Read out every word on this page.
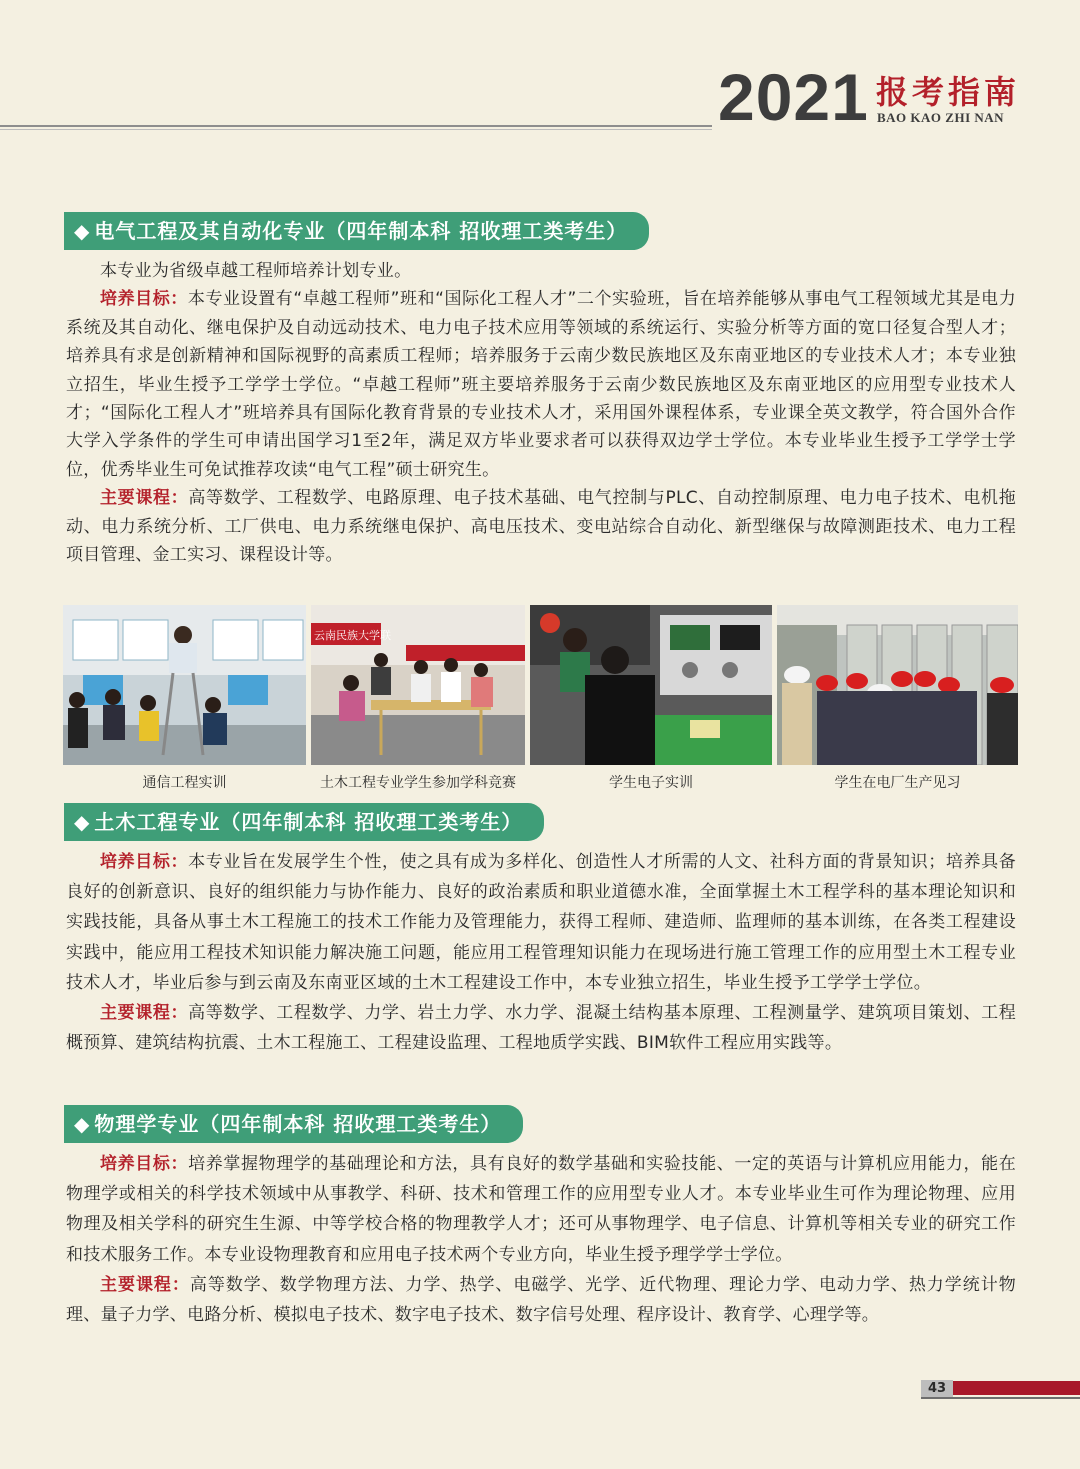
2021 报考指南
BAO KAO ZHI NAN
◆ 电气工程及其自动化专业（四年制本科 招收理工类考生）

本专业为省级卓越工程师培养计划专业。

培养目标：本专业设置有“卓越工程师”班和“国际化工程人才”二个实验班，旨在培养能够从事电气工程领域尤其是电力系统及其自动化、继电保护及自动远动技术、电力电子技术应用等领域的系统运行、实验分析等方面的宽口径复合型人才；培养具有求是创新精神和国际视野的高素质工程师；培养服务于云南少数民族地区及东南亚地区的专业技术人才；本专业独立招生，毕业生授予工学学士学位。“卓越工程师”班主要培养服务于云南少数民族地区及东南亚地区的应用型专业技术人才；“国际化工程人才”班培养具有国际化教育背景的专业技术人才，采用国外课程体系，专业课全英文教学，符合国外合作大学入学条件的学生可申请出国学习1至2年，满足双方毕业要求者可以获得双边学士学位。本专业毕业生授予工学学士学位，优秀毕业生可免试推荐攻读“电气工程”硕士研究生。

主要课程：高等数学、工程数学、电路原理、电子技术基础、电气控制与PLC、自动控制原理、电力电子技术、电机拖动、电力系统分析、工厂供电、电力系统继电保护、高电压技术、变电站综合自动化、新型继保与故障测距技术、电力工程项目管理、金工实习、课程设计等。

云南民族大学联
通信工程实训	土木工程专业学生参加学科竞赛	学生电子实训	学生在电厂生产见习
◆ 土木工程专业（四年制本科 招收理工类考生）

培养目标：本专业旨在发展学生个性，使之具有成为多样化、创造性人才所需的人文、社科方面的背景知识；培养具备良好的创新意识、良好的组织能力与协作能力、良好的政治素质和职业道德水准，全面掌握土木工程学科的基本理论知识和实践技能，具备从事土木工程施工的技术工作能力及管理能力，获得工程师、建造师、监理师的基本训练，在各类工程建设实践中，能应用工程技术知识能力解决施工问题，能应用工程管理知识能力在现场进行施工管理工作的应用型土木工程专业技术人才，毕业后参与到云南及东南亚区域的土木工程建设工作中，本专业独立招生，毕业生授予工学学士学位。

主要课程：高等数学、工程数学、力学、岩土力学、水力学、混凝土结构基本原理、工程测量学、建筑项目策划、工程概预算、建筑结构抗震、土木工程施工、工程建设监理、工程地质学实践、BIM软件工程应用实践等。

◆ 物理学专业（四年制本科 招收理工类考生）

培养目标：培养掌握物理学的基础理论和方法，具有良好的数学基础和实验技能、一定的英语与计算机应用能力，能在物理学或相关的科学技术领域中从事教学、科研、技术和管理工作的应用型专业人才。本专业毕业生可作为理论物理、应用物理及相关学科的研究生生源、中等学校合格的物理教学人才；还可从事物理学、电子信息、计算机等相关专业的研究工作和技术服务工作。本专业设物理教育和应用电子技术两个专业方向，毕业生授予理学学士学位。

主要课程：高等数学、数学物理方法、力学、热学、电磁学、光学、近代物理、理论力学、电动力学、热力学统计物理、量子力学、电路分析、模拟电子技术、数字电子技术、数字信号处理、程序设计、教育学、心理学等。

43
